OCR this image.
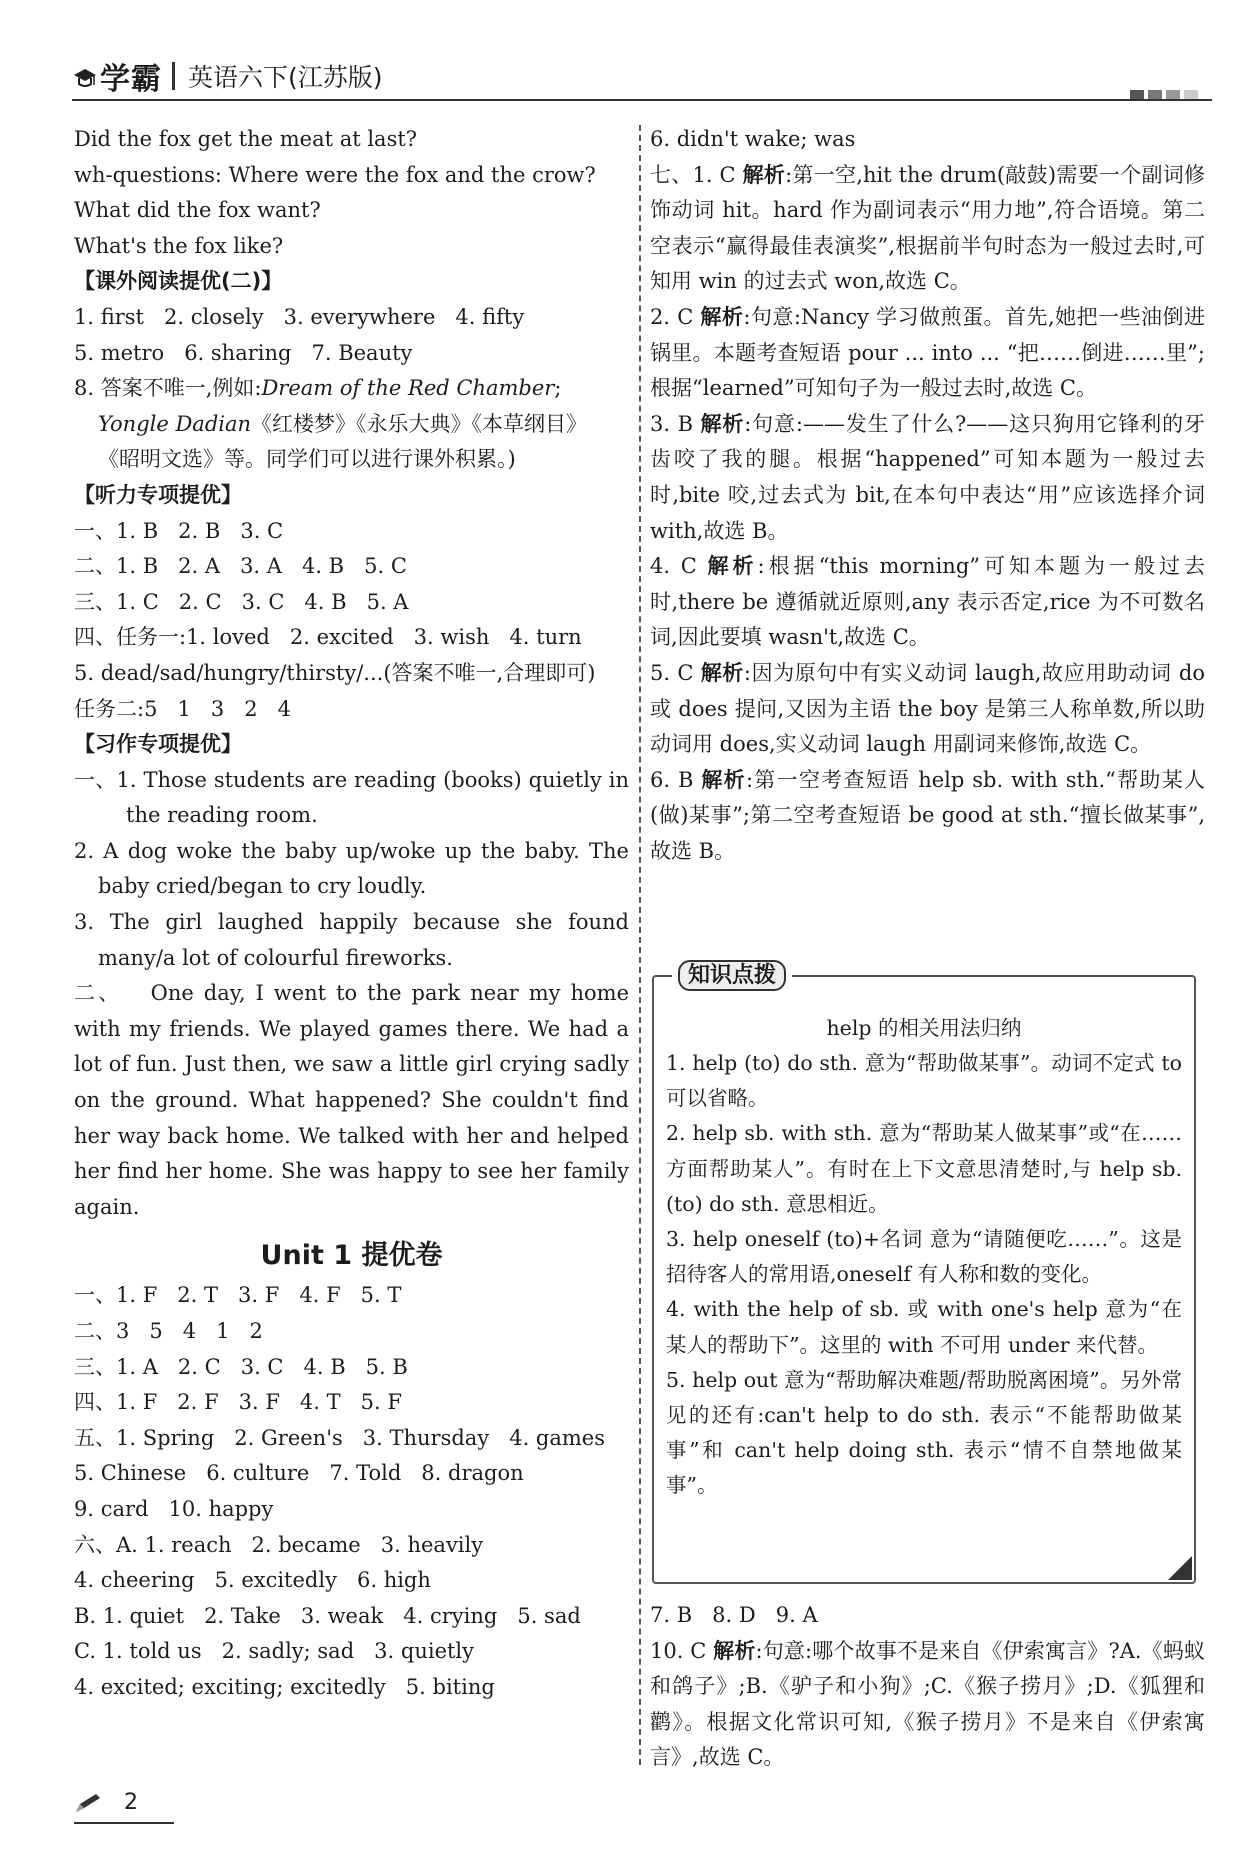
学霸 英语六下(江苏版)
Did the fox get the meat at last?
wh-questions: Where were the fox and the crow?
What did the fox want?
What's the fox like?
【课外阅读提优(二)】
1. first   2. closely   3. everywhere   4. fifty
5. metro   6. sharing   7. Beauty
8. 答案不唯一,例如:Dream of the Red Chamber;
Yongle Dadian《红楼梦》《永乐大典》《本草纲目》
《昭明文选》等。同学们可以进行课外积累。)
【听力专项提优】
一、1. B   2. B   3. C
二、1. B   2. A   3. A   4. B   5. C
三、1. C   2. C   3. C   4. B   5. A
四、任务一:1. loved   2. excited   3. wish   4. turn
5. dead/sad/hungry/thirsty/...(答案不唯一,合理即可)
任务二:5   1   3   2   4
【习作专项提优】
一、1. Those students are reading (books) quietly in the reading room.
2. A dog woke the baby up/woke up the baby. The baby cried/began to cry loudly.
3. The girl laughed happily because she found many/a lot of colourful fireworks.
二、 One day, I went to the park near my home with my friends. We played games there. We had a lot of fun. Just then, we saw a little girl crying sadly on the ground. What happened? She couldn't find her way back home. We talked with her and helped her find her home. She was happy to see her family again.
Unit 1 提优卷
一、1. F   2. T   3. F   4. F   5. T
二、3   5   4   1   2
三、1. A   2. C   3. C   4. B   5. B
四、1. F   2. F   3. F   4. T   5. F
五、1. Spring   2. Green's   3. Thursday   4. games
5. Chinese   6. culture   7. Told   8. dragon
9. card   10. happy
六、A. 1. reach   2. became   3. heavily
4. cheering   5. excitedly   6. high
B. 1. quiet   2. Take   3. weak   4. crying   5. sad
C. 1. told us   2. sadly; sad   3. quietly
4. excited; exciting; excitedly   5. biting
6. didn't wake; was
七、1. C 解析:第一空,hit the drum(敲鼓)需要一个副词修饰动词 hit。hard 作为副词表示“用力地”,符合语境。第二空表示“赢得最佳表演奖”,根据前半句时态为一般过去时,可知用 win 的过去式 won,故选 C。
2. C 解析:句意:Nancy 学习做煎蛋。首先,她把一些油倒进锅里。本题考查短语 pour ... into ... “把……倒进……里”;根据“learned”可知句子为一般过去时,故选 C。
3. B 解析:句意:——发生了什么?——这只狗用它锋利的牙齿咬了我的腿。根据“happened”可知本题为一般过去时,bite 咬,过去式为 bit,在本句中表达“用”应该选择介词 with,故选 B。
4. C 解析:根据“this morning”可知本题为一般过去时,there be 遵循就近原则,any 表示否定,rice 为不可数名词,因此要填 wasn't,故选 C。
5. C 解析:因为原句中有实义动词 laugh,故应用助动词 do 或 does 提问,又因为主语 the boy 是第三人称单数,所以助动词用 does,实义动词 laugh 用副词来修饰,故选 C。
6. B 解析:第一空考查短语 help sb. with sth.“帮助某人(做)某事”;第二空考查短语 be good at sth.“擅长做某事”,故选 B。
知识点拨
help 的相关用法归纳
1. help (to) do sth. 意为“帮助做某事”。动词不定式 to 可以省略。
2. help sb. with sth. 意为“帮助某人做某事”或“在……方面帮助某人”。有时在上下文意思清楚时,与 help sb. (to) do sth. 意思相近。
3. help oneself (to)+名词 意为“请随便吃……”。这是招待客人的常用语,oneself 有人称和数的变化。
4. with the help of sb. 或 with one's help 意为“在某人的帮助下”。这里的 with 不可用 under 来代替。
5. help out 意为“帮助解决难题/帮助脱离困境”。另外常见的还有:can't help to do sth. 表示“不能帮助做某事”和 can't help doing sth. 表示“情不自禁地做某事”。
7. B   8. D   9. A
10. C 解析:句意:哪个故事不是来自《伊索寓言》?A.《蚂蚁和鸽子》;B.《驴子和小狗》;C.《猴子捞月》;D.《狐狸和鹳》。根据文化常识可知,《猴子捞月》不是来自《伊索寓言》,故选 C。
2
